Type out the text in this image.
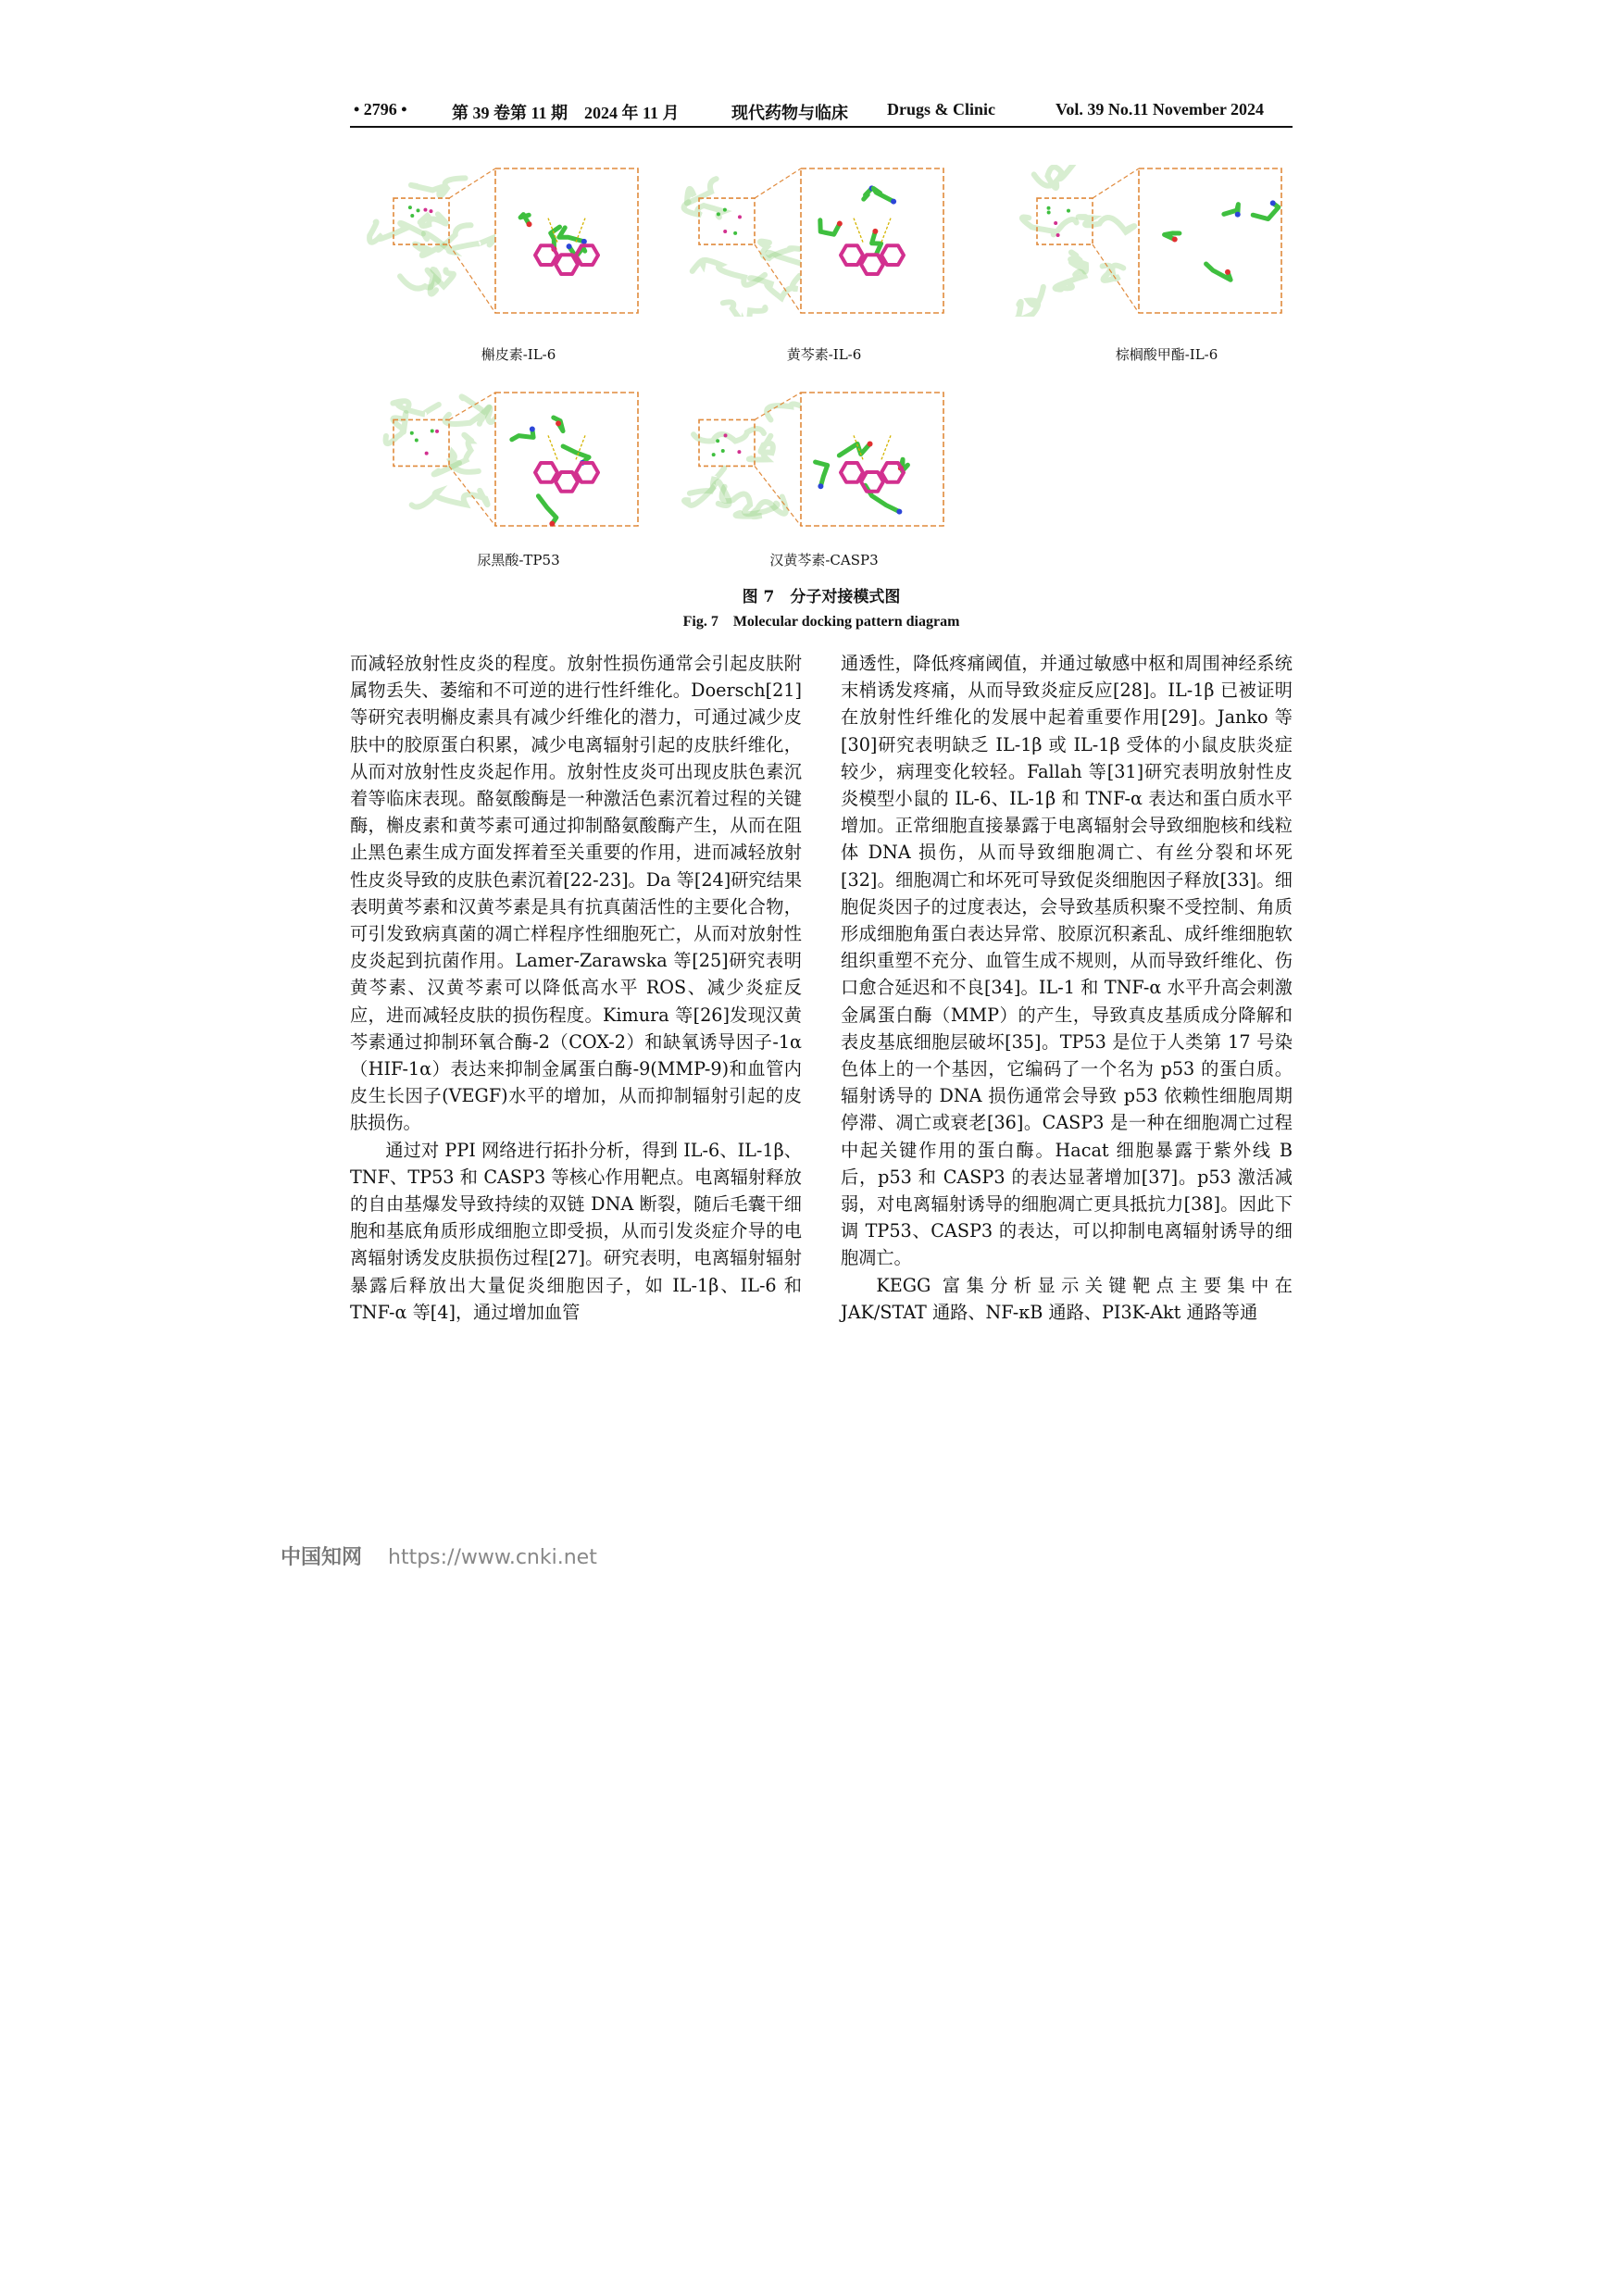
• 2796 •	第 39 卷第 11 期　2024 年 11 月	现代药物与临床 Drugs & Clinic	Vol. 39 No.11 November 2024
槲皮素-IL-6	黄芩素-IL-6	棕榈酸甲酯-IL-6
尿黑酸-TP53	汉黄芩素-CASP3
图 7　分子对接模式图
Fig. 7　Molecular docking pattern diagram

而减轻放射性皮炎的程度。放射性损伤通常会引起皮肤附属物丢失、萎缩和不可逆的进行性纤维化。Doersch[21]等研究表明槲皮素具有减少纤维化的潜力，可通过减少皮肤中的胶原蛋白积累，减少电离辐射引起的皮肤纤维化，从而对放射性皮炎起作用。放射性皮炎可出现皮肤色素沉着等临床表现。酪氨酸酶是一种激活色素沉着过程的关键酶，槲皮素和黄芩素可通过抑制酪氨酸酶产生，从而在阻止黑色素生成方面发挥着至关重要的作用，进而减轻放射性皮炎导致的皮肤色素沉着[22-23]。Da 等[24]研究结果表明黄芩素和汉黄芩素是具有抗真菌活性的主要化合物，可引发致病真菌的凋亡样程序性细胞死亡，从而对放射性皮炎起到抗菌作用。Lamer-Zarawska 等[25]研究表明黄芩素、汉黄芩素可以降低高水平 ROS、减少炎症反应，进而减轻皮肤的损伤程度。Kimura 等[26]发现汉黄芩素通过抑制环氧合酶-2（COX-2）和缺氧诱导因子-1α（HIF-1α）表达来抑制金属蛋白酶-9(MMP-9)和血管内皮生长因子(VEGF)水平的增加，从而抑制辐射引起的皮肤损伤。

通过对 PPI 网络进行拓扑分析，得到 IL-6、IL-1β、TNF、TP53 和 CASP3 等核心作用靶点。电离辐射释放的自由基爆发导致持续的双链 DNA 断裂，随后毛囊干细胞和基底角质形成细胞立即受损，从而引发炎症介导的电离辐射诱发皮肤损伤过程[27]。研究表明，电离辐射辐射暴露后释放出大量促炎细胞因子，如 IL-1β、IL-6 和 TNF-α 等[4]，通过增加血管

通透性，降低疼痛阈值，并通过敏感中枢和周围神经系统末梢诱发疼痛，从而导致炎症反应[28]。IL-1β 已被证明在放射性纤维化的发展中起着重要作用[29]。Janko 等[30]研究表明缺乏 IL-1β 或 IL-1β 受体的小鼠皮肤炎症较少，病理变化较轻。Fallah 等[31]研究表明放射性皮炎模型小鼠的 IL-6、IL-1β 和 TNF-α 表达和蛋白质水平增加。正常细胞直接暴露于电离辐射会导致细胞核和线粒体 DNA 损伤，从而导致细胞凋亡、有丝分裂和坏死[32]。细胞凋亡和坏死可导致促炎细胞因子释放[33]。细胞促炎因子的过度表达，会导致基质积聚不受控制、角质形成细胞角蛋白表达异常、胶原沉积紊乱、成纤维细胞软组织重塑不充分、血管生成不规则，从而导致纤维化、伤口愈合延迟和不良[34]。IL-1 和 TNF-α 水平升高会刺激金属蛋白酶（MMP）的产生，导致真皮基质成分降解和表皮基底细胞层破坏[35]。TP53 是位于人类第 17 号染色体上的一个基因，它编码了一个名为 p53 的蛋白质。辐射诱导的 DNA 损伤通常会导致 p53 依赖性细胞周期停滞、凋亡或衰老[36]。CASP3 是一种在细胞凋亡过程中起关键作用的蛋白酶。Hacat 细胞暴露于紫外线 B 后，p53 和 CASP3 的表达显著增加[37]。p53 激活减弱，对电离辐射诱导的细胞凋亡更具抵抗力[38]。因此下调 TP53、CASP3 的表达，可以抑制电离辐射诱导的细胞凋亡。

KEGG 富集分析显示关键靶点主要集中在 JAK/STAT 通路、NF-κB 通路、PI3K-Akt 通路等通

中国知网 https://www.cnki.net
